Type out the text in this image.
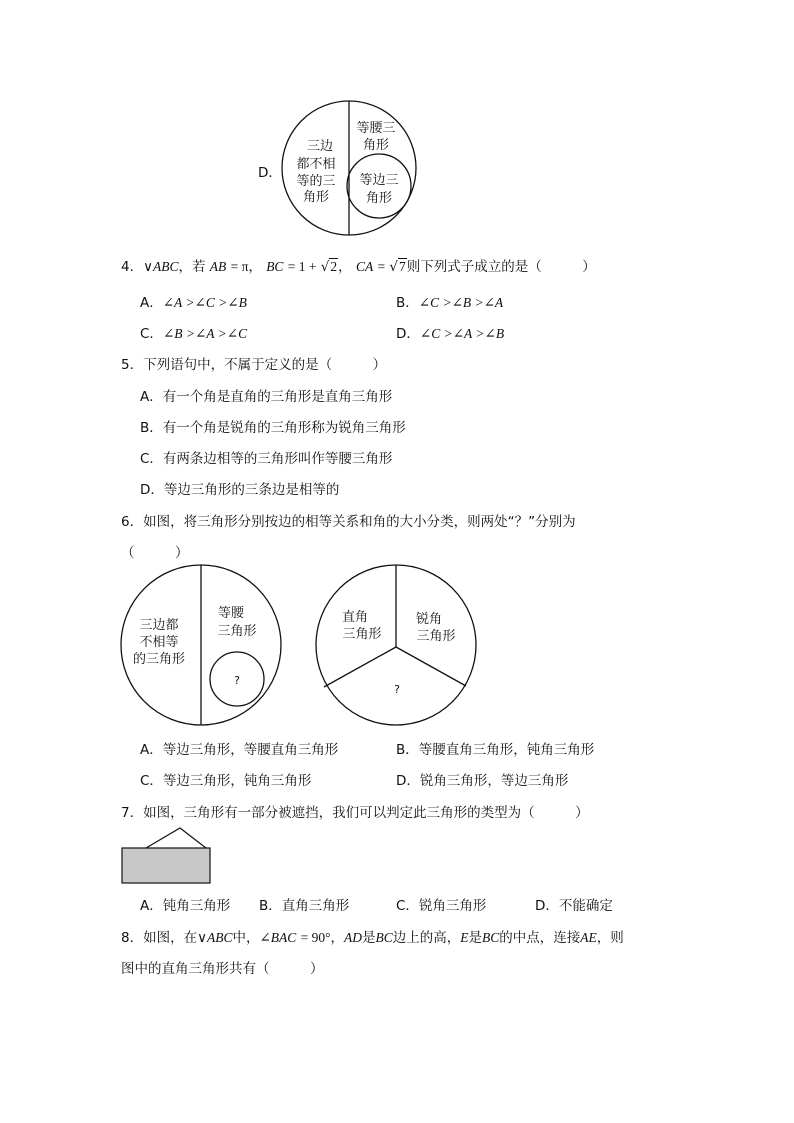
D．
三边
都不相
等的三
角形
等腰三
角形
等边三
角形
4．∨ABC，若 AB = π， BC = 1 + √2， CA = √7则下列式子成立的是（　　　）
A．∠A >∠C >∠B	B．∠C >∠B >∠A
C．∠B >∠A >∠C	D．∠C >∠A >∠B
5．下列语句中，不属于定义的是（　　　）
A．有一个角是直角的三角形是直角三角形
B．有一个角是锐角的三角形称为锐角三角形
C．有两条边相等的三角形叫作等腰三角形
D．等边三角形的三条边是相等的
6．如图，将三角形分别按边的相等关系和角的大小分类，则两处“？”分别为
（　　　）
三边都
不相等
的三角形
等腰
三角形
?
直角
三角形
锐角
三角形
?
A．等边三角形，等腰直角三角形	B．等腰直角三角形，钝角三角形
C．等边三角形，钝角三角形	D．锐角三角形，等边三角形
7．如图，三角形有一部分被遮挡，我们可以判定此三角形的类型为（　　　）
A．钝角三角形 B．直角三角形	C．锐角三角形	D．不能确定
8．如图，在∨ABC中，∠BAC = 90°，AD是BC边上的高，E是BC的中点，连接AE，则
图中的直角三角形共有（　　　）
